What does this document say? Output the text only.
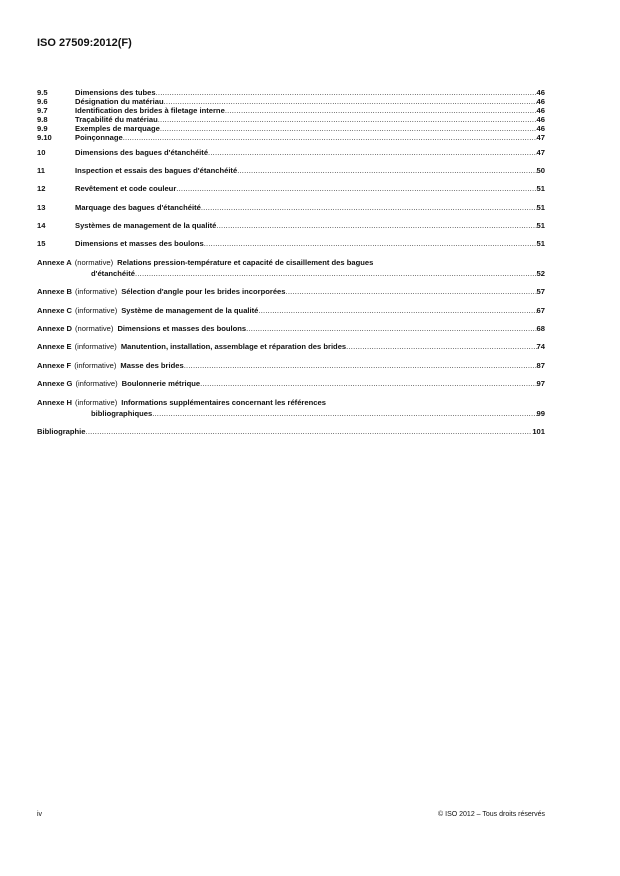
ISO 27509:2012(F)
9.5	Dimensions des tubes .....	46
9.6	Désignation du matériau .....	46
9.7	Identification des brides à filetage interne .....	46
9.8	Traçabilité du matériau .....	46
9.9	Exemples de marquage .....	46
9.10	Poinçonnage .....	47
10	Dimensions des bagues d'étanchéité .....	47
11	Inspection et essais des bagues d'étanchéité .....	50
12	Revêtement et code couleur .....	51
13	Marquage des bagues d'étanchéité .....	51
14	Systèmes de management de la qualité .....	51
15	Dimensions et masses des boulons .....	51
Annexe A (normative) Relations pression-température et capacité de cisaillement des bagues
d'étanchéité .....	52
Annexe B (informative) Sélection d'angle pour les brides incorporées .....	57
Annexe C (informative) Système de management de la qualité .....	67
Annexe D (normative) Dimensions et masses des boulons .....	68
Annexe E (informative) Manutention, installation, assemblage et réparation des brides .....	74
Annexe F (informative) Masse des brides .....	87
Annexe G (informative) Boulonnerie métrique .....	97
Annexe H (informative) Informations supplémentaires concernant les références
bibliographiques .....	99
Bibliographie .....	101
iv	© ISO 2012 – Tous droits réservés
